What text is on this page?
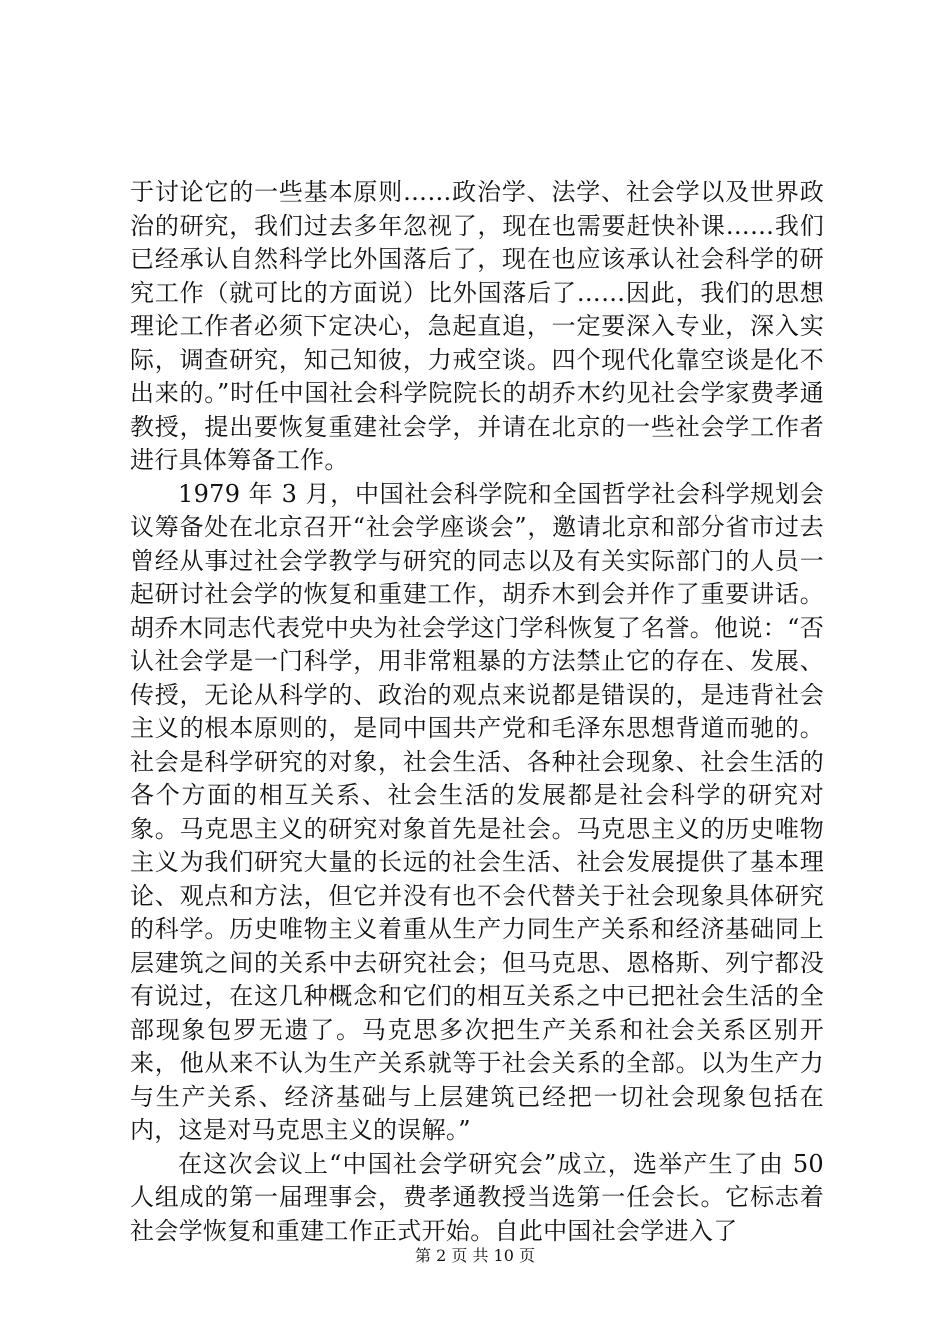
于讨论它的一些基本原则……政治学、法学、社会学以及世界政治的研究，我们过去多年忽视了，现在也需要赶快补课……我们已经承认自然科学比外国落后了，现在也应该承认社会科学的研究工作（就可比的方面说）比外国落后了……因此，我们的思想理论工作者必须下定决心，急起直追，一定要深入专业，深入实际，调查研究，知己知彼，力戒空谈。四个现代化靠空谈是化不出来的。”时任中国社会科学院院长的胡乔木约见社会学家费孝通教授，提出要恢复重建社会学，并请在北京的一些社会学工作者进行具体筹备工作。

1979 年 3 月，中国社会科学院和全国哲学社会科学规划会议筹备处在北京召开“社会学座谈会”，邀请北京和部分省市过去曾经从事过社会学教学与研究的同志以及有关实际部门的人员一起研讨社会学的恢复和重建工作，胡乔木到会并作了重要讲话。胡乔木同志代表党中央为社会学这门学科恢复了名誉。他说：“否认社会学是一门科学，用非常粗暴的方法禁止它的存在、发展、传授，无论从科学的、政治的观点来说都是错误的，是违背社会主义的根本原则的，是同中国共产党和毛泽东思想背道而驰的。社会是科学研究的对象，社会生活、各种社会现象、社会生活的各个方面的相互关系、社会生活的发展都是社会科学的研究对象。马克思主义的研究对象首先是社会。马克思主义的历史唯物主义为我们研究大量的长远的社会生活、社会发展提供了基本理论、观点和方法，但它并没有也不会代替关于社会现象具体研究的科学。历史唯物主义着重从生产力同生产关系和经济基础同上层建筑之间的关系中去研究社会；但马克思、恩格斯、列宁都没有说过，在这几种概念和它们的相互关系之中已把社会生活的全部现象包罗无遗了。马克思多次把生产关系和社会关系区别开来，他从来不认为生产关系就等于社会关系的全部。以为生产力与生产关系、经济基础与上层建筑已经把一切社会现象包括在内，这是对马克思主义的误解。”

在这次会议上“中国社会学研究会”成立，选举产生了由 50 人组成的第一届理事会，费孝通教授当选第一任会长。它标志着社会学恢复和重建工作正式开始。自此中国社会学进入了

第 2 页 共 10 页
